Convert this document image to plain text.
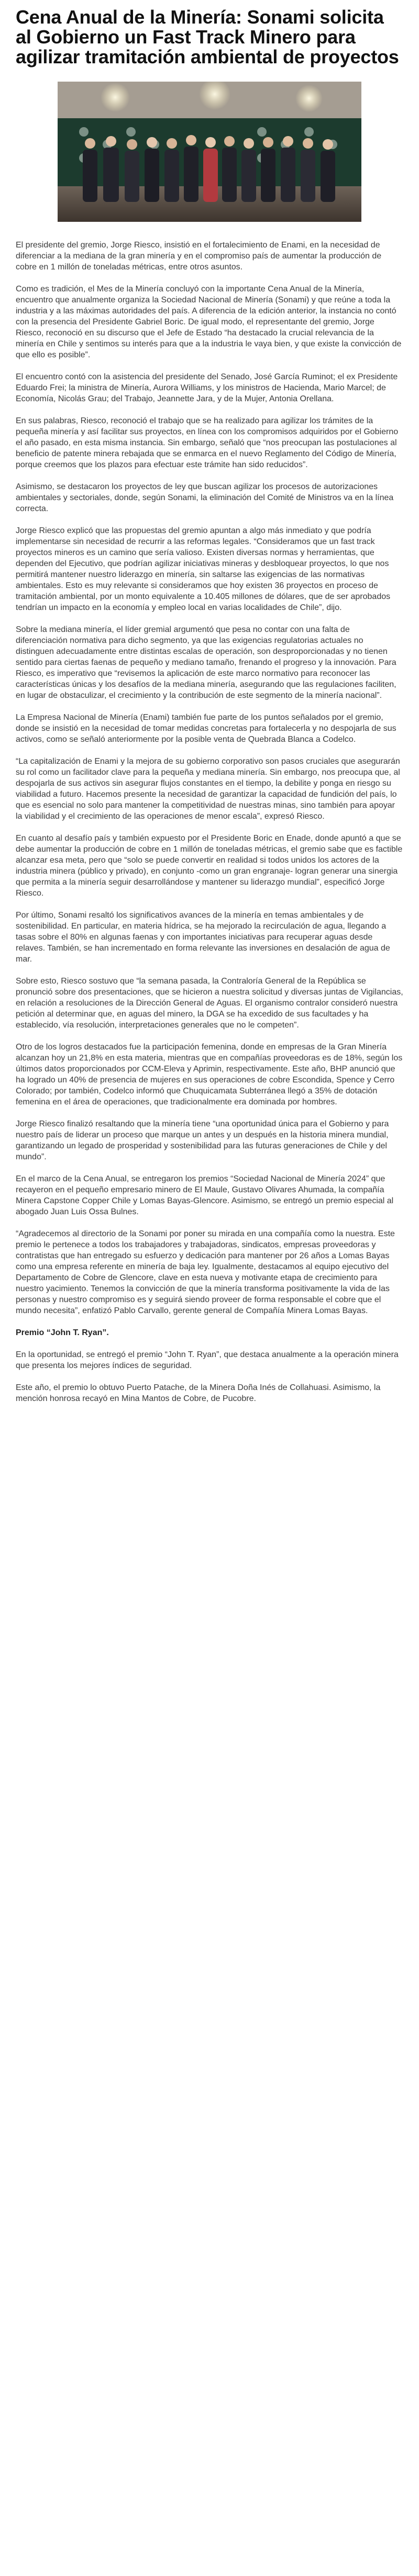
Cena Anual de la Minería: Sonami solicita al Gobierno un Fast Track Minero para agilizar tramitación ambiental de proyectos

El presidente del gremio, Jorge Riesco, insistió en el fortalecimiento de Enami, en la necesidad de diferenciar a la mediana de la gran minería y en el compromiso país de aumentar la producción de cobre en 1 millón de toneladas métricas, entre otros asuntos.

Como es tradición, el Mes de la Minería concluyó con la importante Cena Anual de la Minería, encuentro que anualmente organiza la Sociedad Nacional de Minería (Sonami) y que reúne a toda la industria y a las máximas autoridades del país. A diferencia de la edición anterior, la instancia no contó con la presencia del Presidente Gabriel Boric. De igual modo, el representante del gremio, Jorge Riesco, reconoció en su discurso que el Jefe de Estado “ha destacado la crucial relevancia de la minería en Chile y sentimos su interés para que a la industria le vaya bien, y que existe la convicción de que ello es posible”.

El encuentro contó con la asistencia del presidente del Senado, José García Ruminot; el ex Presidente Eduardo Frei; la ministra de Minería, Aurora Williams, y los ministros de Hacienda, Mario Marcel; de Economía, Nicolás Grau; del Trabajo, Jeannette Jara, y de la Mujer, Antonia Orellana.

En sus palabras, Riesco, reconoció el trabajo que se ha realizado para agilizar los trámites de la pequeña minería y así facilitar sus proyectos, en línea con los compromisos adquiridos por el Gobierno el año pasado, en esta misma instancia. Sin embargo, señaló que “nos preocupan las postulaciones al beneficio de patente minera rebajada que se enmarca en el nuevo Reglamento del Código de Minería, porque creemos que los plazos para efectuar este trámite han sido reducidos”.

Asimismo, se destacaron los proyectos de ley que buscan agilizar los procesos de autorizaciones ambientales y sectoriales, donde, según Sonami, la eliminación del Comité de Ministros va en la línea correcta.

Jorge Riesco explicó que las propuestas del gremio apuntan a algo más inmediato y que podría implementarse sin necesidad de recurrir a las reformas legales. “Consideramos que un fast track proyectos mineros es un camino que sería valioso. Existen diversas normas y herramientas, que dependen del Ejecutivo, que podrían agilizar iniciativas mineras y desbloquear proyectos, lo que nos permitirá mantener nuestro liderazgo en minería, sin saltarse las exigencias de las normativas ambientales. Esto es muy relevante si consideramos que hoy existen 36 proyectos en proceso de tramitación ambiental, por un monto equivalente a 10.405 millones de dólares, que de ser aprobados tendrían un impacto en la economía y empleo local en varias localidades de Chile”, dijo.

Sobre la mediana minería, el líder gremial argumentó que pesa no contar con una falta de diferenciación normativa para dicho segmento, ya que las exigencias regulatorias actuales no distinguen adecuadamente entre distintas escalas de operación, son desproporcionadas y no tienen sentido para ciertas faenas de pequeño y mediano tamaño, frenando el progreso y la innovación. Para Riesco, es imperativo que “revisemos la aplicación de este marco normativo para reconocer las características únicas y los desafíos de la mediana minería, asegurando que las regulaciones faciliten, en lugar de obstaculizar, el crecimiento y la contribución de este segmento de la minería nacional”.

La Empresa Nacional de Minería (Enami) también fue parte de los puntos señalados por el gremio, donde se insistió en la necesidad de tomar medidas concretas para fortalecerla y no despojarla de sus activos, como se señaló anteriormente por la posible venta de Quebrada Blanca a Codelco.

“La capitalización de Enami y la mejora de su gobierno corporativo son pasos cruciales que asegurarán su rol como un facilitador clave para la pequeña y mediana minería. Sin embargo, nos preocupa que, al despojarla de sus activos sin asegurar flujos constantes en el tiempo, la debilite y ponga en riesgo su viabilidad a futuro. Hacemos presente la necesidad de garantizar la capacidad de fundición del país, lo que es esencial no solo para mantener la competitividad de nuestras minas, sino también para apoyar la viabilidad y el crecimiento de las operaciones de menor escala”, expresó Riesco.

En cuanto al desafío país y también expuesto por el Presidente Boric en Enade, donde apuntó a que se debe aumentar la producción de cobre en 1 millón de toneladas métricas, el gremio sabe que es factible alcanzar esa meta, pero que “solo se puede convertir en realidad si todos unidos los actores de la industria minera (público y privado), en conjunto -como un gran engranaje- logran generar una sinergia que permita a la minería seguir desarrollándose y mantener su liderazgo mundial”, especificó Jorge Riesco.

Por último, Sonami resaltó los significativos avances de la minería en temas ambientales y de sostenibilidad. En particular, en materia hídrica, se ha mejorado la recirculación de agua, llegando a tasas sobre el 80% en algunas faenas y con importantes iniciativas para recuperar aguas desde relaves. También, se han incrementado en forma relevante las inversiones en desalación de agua de mar.

Sobre esto, Riesco sostuvo que “la semana pasada, la Contraloría General de la República se pronunció sobre dos presentaciones, que se hicieron a nuestra solicitud y diversas juntas de Vigilancias, en relación a resoluciones de la Dirección General de Aguas. El organismo contralor consideró nuestra petición al determinar que, en aguas del minero, la DGA se ha excedido de sus facultades y ha establecido, vía resolución, interpretaciones generales que no le competen”.

Otro de los logros destacados fue la participación femenina, donde en empresas de la Gran Minería alcanzan hoy un 21,8% en esta materia, mientras que en compañías proveedoras es de 18%, según los últimos datos proporcionados por CCM-Eleva y Aprimin, respectivamente. Este año, BHP anunció que ha logrado un 40% de presencia de mujeres en sus operaciones de cobre Escondida, Spence y Cerro Colorado; por también, Codelco informó que Chuquicamata Subterránea llegó a 35% de dotación femenina en el área de operaciones, que tradicionalmente era dominada por hombres.

Jorge Riesco finalizó resaltando que la minería tiene “una oportunidad única para el Gobierno y para nuestro país de liderar un proceso que marque un antes y un después en la historia minera mundial, garantizando un legado de prosperidad y sostenibilidad para las futuras generaciones de Chile y del mundo”.

En el marco de la Cena Anual, se entregaron los premios “Sociedad Nacional de Minería 2024” que recayeron en el pequeño empresario minero de El Maule, Gustavo Olivares Ahumada, la compañía Minera Capstone Copper Chile y Lomas Bayas-Glencore. Asimismo, se entregó un premio especial al abogado Juan Luis Ossa Bulnes.

“Agradecemos al directorio de la Sonami por poner su mirada en una compañía como la nuestra. Este premio le pertenece a todos los trabajadores y trabajadoras, sindicatos, empresas proveedoras y contratistas que han entregado su esfuerzo y dedicación para mantener por 26 años a Lomas Bayas como una empresa referente en minería de baja ley. Igualmente, destacamos al equipo ejecutivo del Departamento de Cobre de Glencore, clave en esta nueva y motivante etapa de crecimiento para nuestro yacimiento. Tenemos la convicción de que la minería transforma positivamente la vida de las personas y nuestro compromiso es y seguirá siendo proveer de forma responsable el cobre que el mundo necesita”, enfatizó Pablo Carvallo, gerente general de Compañía Minera Lomas Bayas.

Premio “John T. Ryan”.

En la oportunidad, se entregó el premio “John T. Ryan”, que destaca anualmente a la operación minera que presenta los mejores índices de seguridad.

Este año, el premio lo obtuvo Puerto Patache, de la Minera Doña Inés de Collahuasi. Asimismo, la mención honrosa recayó en Mina Mantos de Cobre, de Pucobre.
